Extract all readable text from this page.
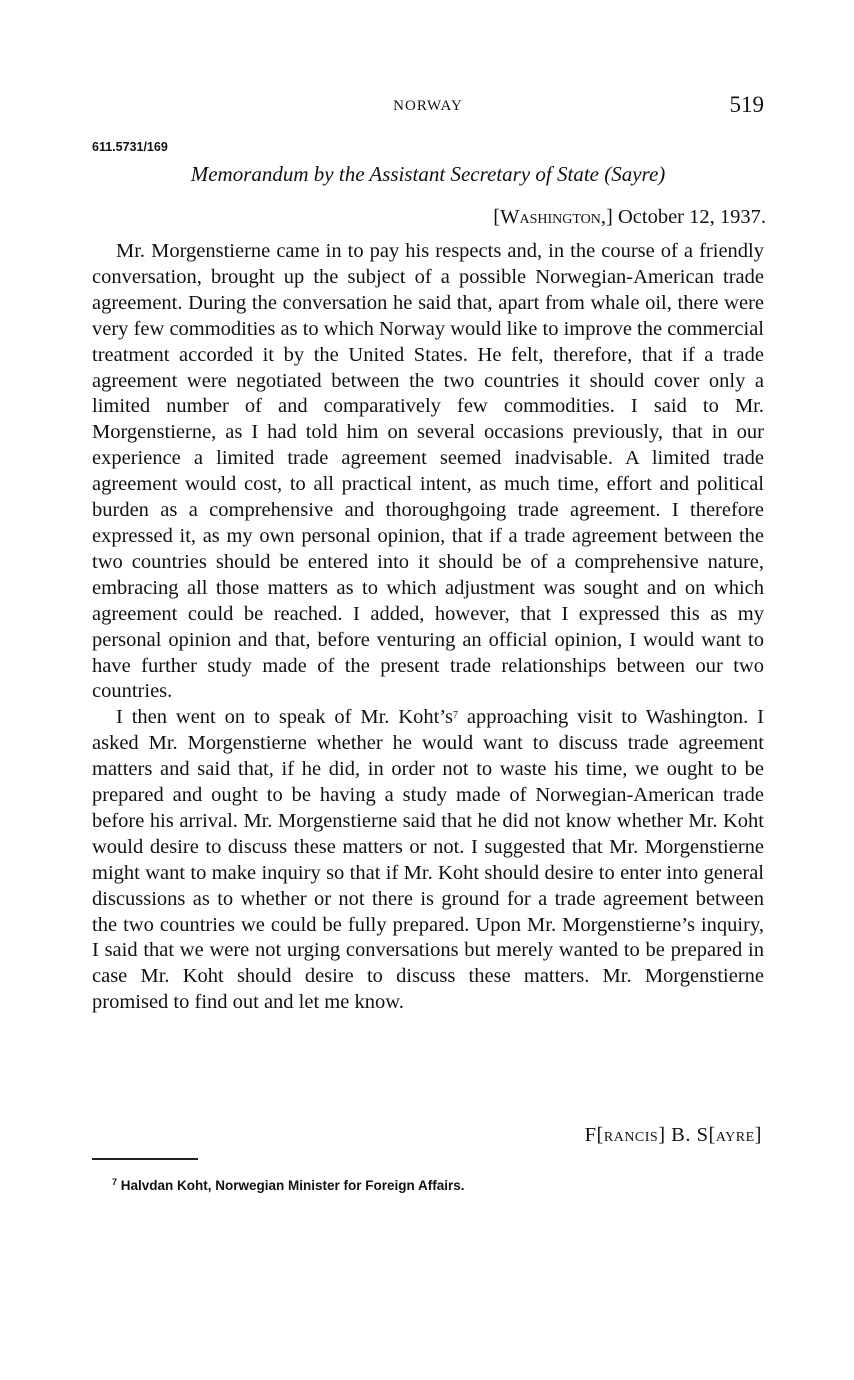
NORWAY	519
611.5731/169
Memorandum by the Assistant Secretary of State (Sayre)
[Washington,] October 12, 1937.

Mr. Morgenstierne came in to pay his respects and, in the course of a friendly conversation, brought up the subject of a possible Norwegian-American trade agreement. During the conversation he said that, apart from whale oil, there were very few commodities as to which Norway would like to improve the commercial treatment accorded it by the United States. He felt, therefore, that if a trade agreement were negotiated between the two countries it should cover only a limited number of and comparatively few commodities. I said to Mr. Morgenstierne, as I had told him on several occasions previously, that in our experience a limited trade agreement seemed inadvisable. A limited trade agreement would cost, to all practical intent, as much time, effort and political burden as a comprehensive and thoroughgoing trade agreement. I therefore expressed it, as my own personal opinion, that if a trade agreement between the two countries should be entered into it should be of a comprehensive nature, embracing all those matters as to which adjustment was sought and on which agreement could be reached. I added, however, that I expressed this as my personal opinion and that, before venturing an official opinion, I would want to have further study made of the present trade relationships between our two countries.

I then went on to speak of Mr. $Koht’s^7$ approaching visit to Washington. I asked Mr. Morgenstierne whether he would want to discuss trade agreement matters and said that, if he did, in order not to waste his time, we ought to be prepared and ought to be having a study made of Norwegian-American trade before his arrival. Mr. Morgenstierne said that he did not know whether Mr. Koht would desire to discuss these matters or not. I suggested that Mr. Morgenstierne might want to make inquiry so that if Mr. Koht should desire to enter into general discussions as to whether or not there is ground for a trade agreement between the two countries we could be fully prepared. Upon Mr. Morgenstierne’s inquiry, I said that we were not urging conversations but merely wanted to be prepared in case Mr. Koht should desire to discuss these matters. Mr. Morgenstierne promised to find out and let me know.

F[rancis] B. S[ayre]
$^7$ Halvdan Koht, Norwegian Minister for Foreign Affairs.
